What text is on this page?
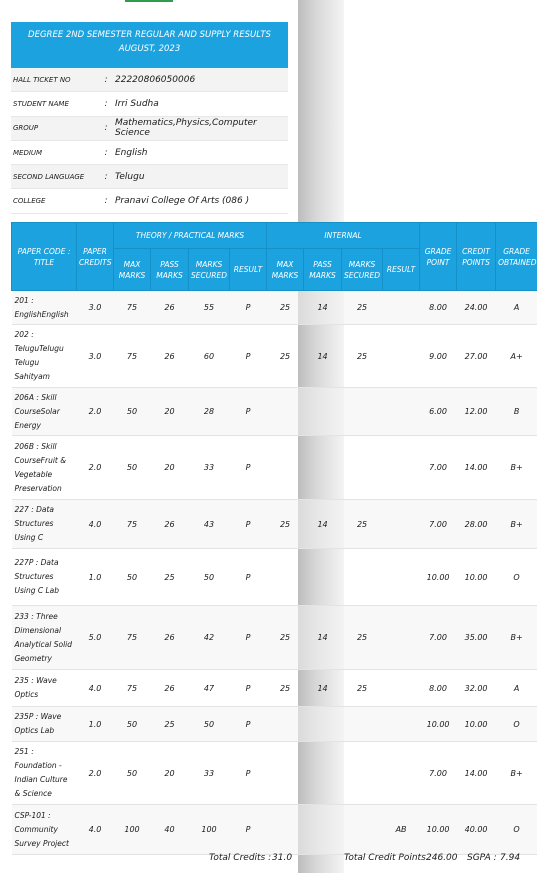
DEGREE 2ND SEMESTER REGULAR AND SUPPLY RESULTS AUGUST, 2023
HALL TICKET NO	:	22220806050006
STUDENT NAME	:	Irri Sudha
GROUP	:	Mathematics,Physics,Computer Science
MEDIUM	:	English
SECOND LANGUAGE	:	Telugu
COLLEGE	:	Pranavi College Of Arts (086 )
PAPER CODE : TITLE	PAPER CREDITS	THEORY / PRACTICAL MARKS				INTERNAL				GRADE POINT	CREDIT POINTS	GRADE OBTAINED
		MAX MARKS	PASS MARKS	MARKS SECURED	RESULT	MAX MARKS	PASS MARKS	MARKS SECURED	RESULT			
201 : EnglishEnglish	3.0	75	26	55	P	25	14	25		8.00	24.00	A
202 : TeluguTelugu Telugu Sahityam	3.0	75	26	60	P	25	14	25		9.00	27.00	A+
206A : Skill CourseSolar Energy	2.0	50	20	28	P					6.00	12.00	B
206B : Skill CourseFruit & Vegetable Preservation	2.0	50	20	33	P					7.00	14.00	B+
227 : Data Structures Using C	4.0	75	26	43	P	25	14	25		7.00	28.00	B+
227P : Data Structures Using C Lab	1.0	50	25	50	P					10.00	10.00	O
233 : Three Dimensional Analytical Solid Geometry	5.0	75	26	42	P	25	14	25		7.00	35.00	B+
235 : Wave Optics	4.0	75	26	47	P	25	14	25		8.00	32.00	A
235P : Wave Optics Lab	1.0	50	25	50	P					10.00	10.00	O
251 : Foundation -Indian Culture & Science	2.0	50	20	33	P					7.00	14.00	B+
CSP-101 : Community Survey Project	4.0	100	40	100	P				AB	10.00	40.00	O
Total Credits : 31.0	Total Credit Points :
246.00 SGPA : 7.94
